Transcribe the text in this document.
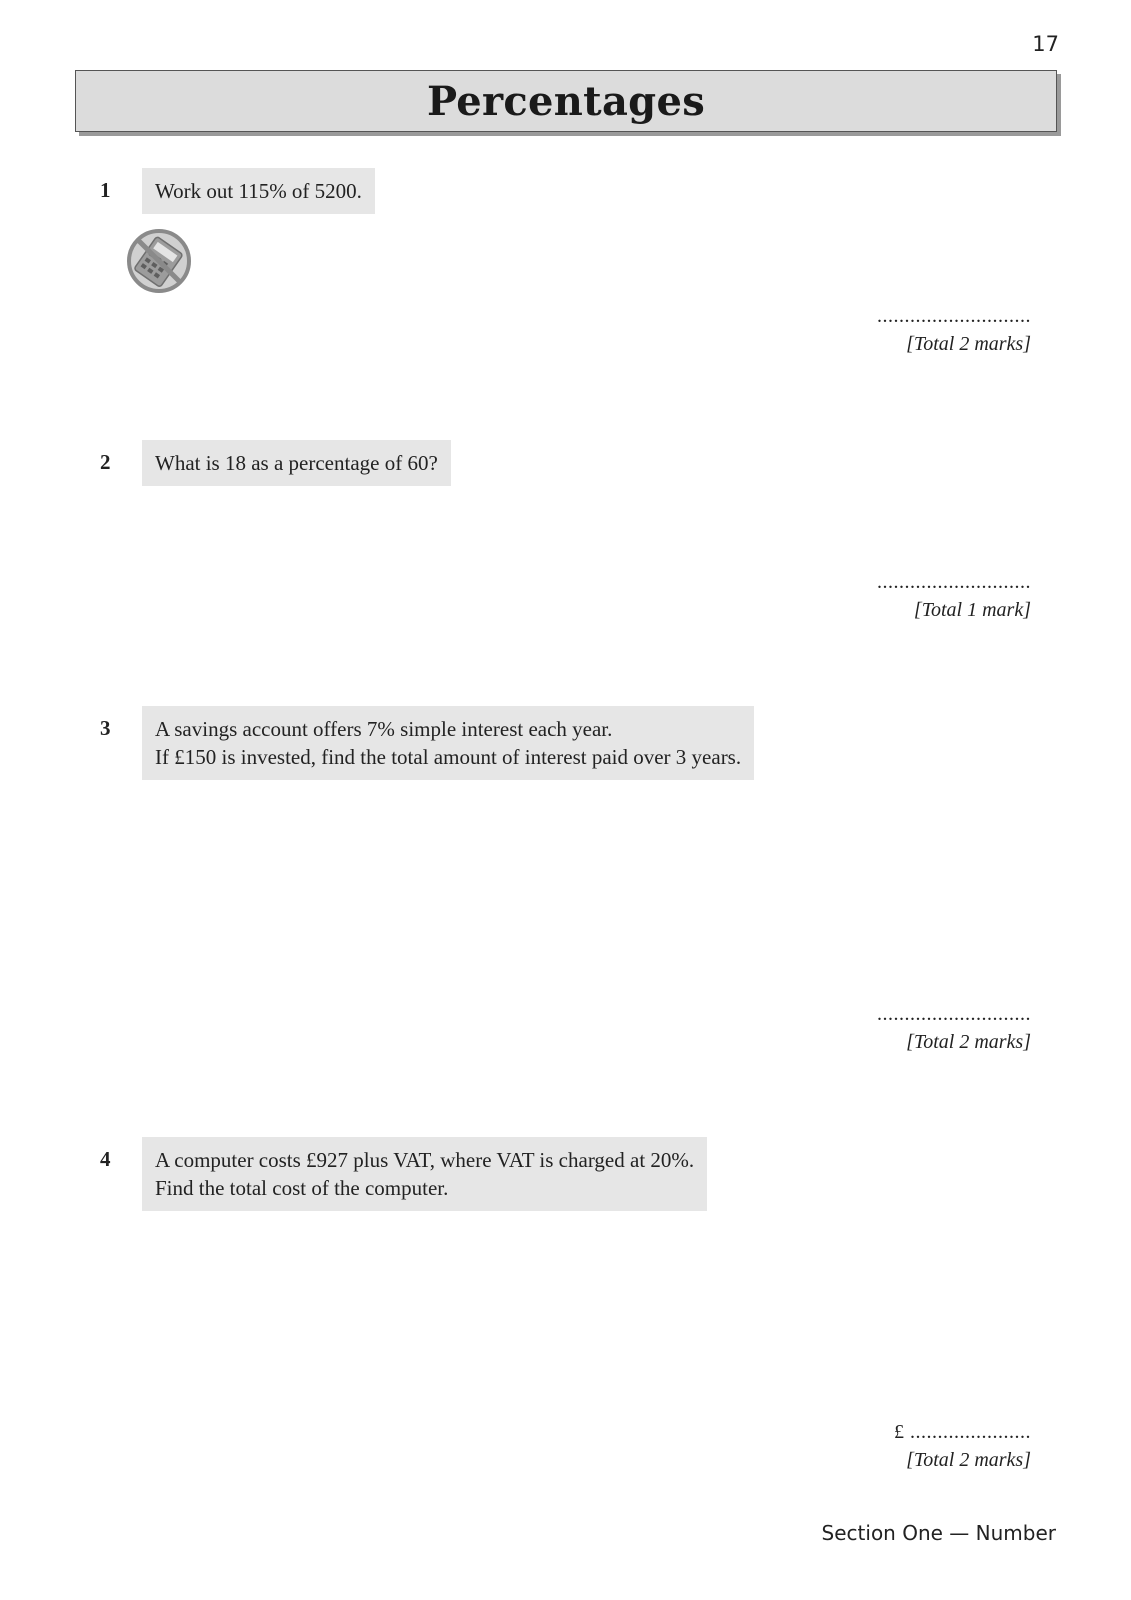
17
Percentages
1 Work out 115% of 5200.
............................
[Total 2 marks]
2 What is 18 as a percentage of 60?
............................
[Total 1 mark]
3 A savings account offers 7% simple interest each year.
If £150 is invested, find the total amount of interest paid over 3 years.
............................
[Total 2 marks]
4 A computer costs £927 plus VAT, where VAT is charged at 20%.
Find the total cost of the computer.
£ ......................
[Total 2 marks]
Section One — Number
